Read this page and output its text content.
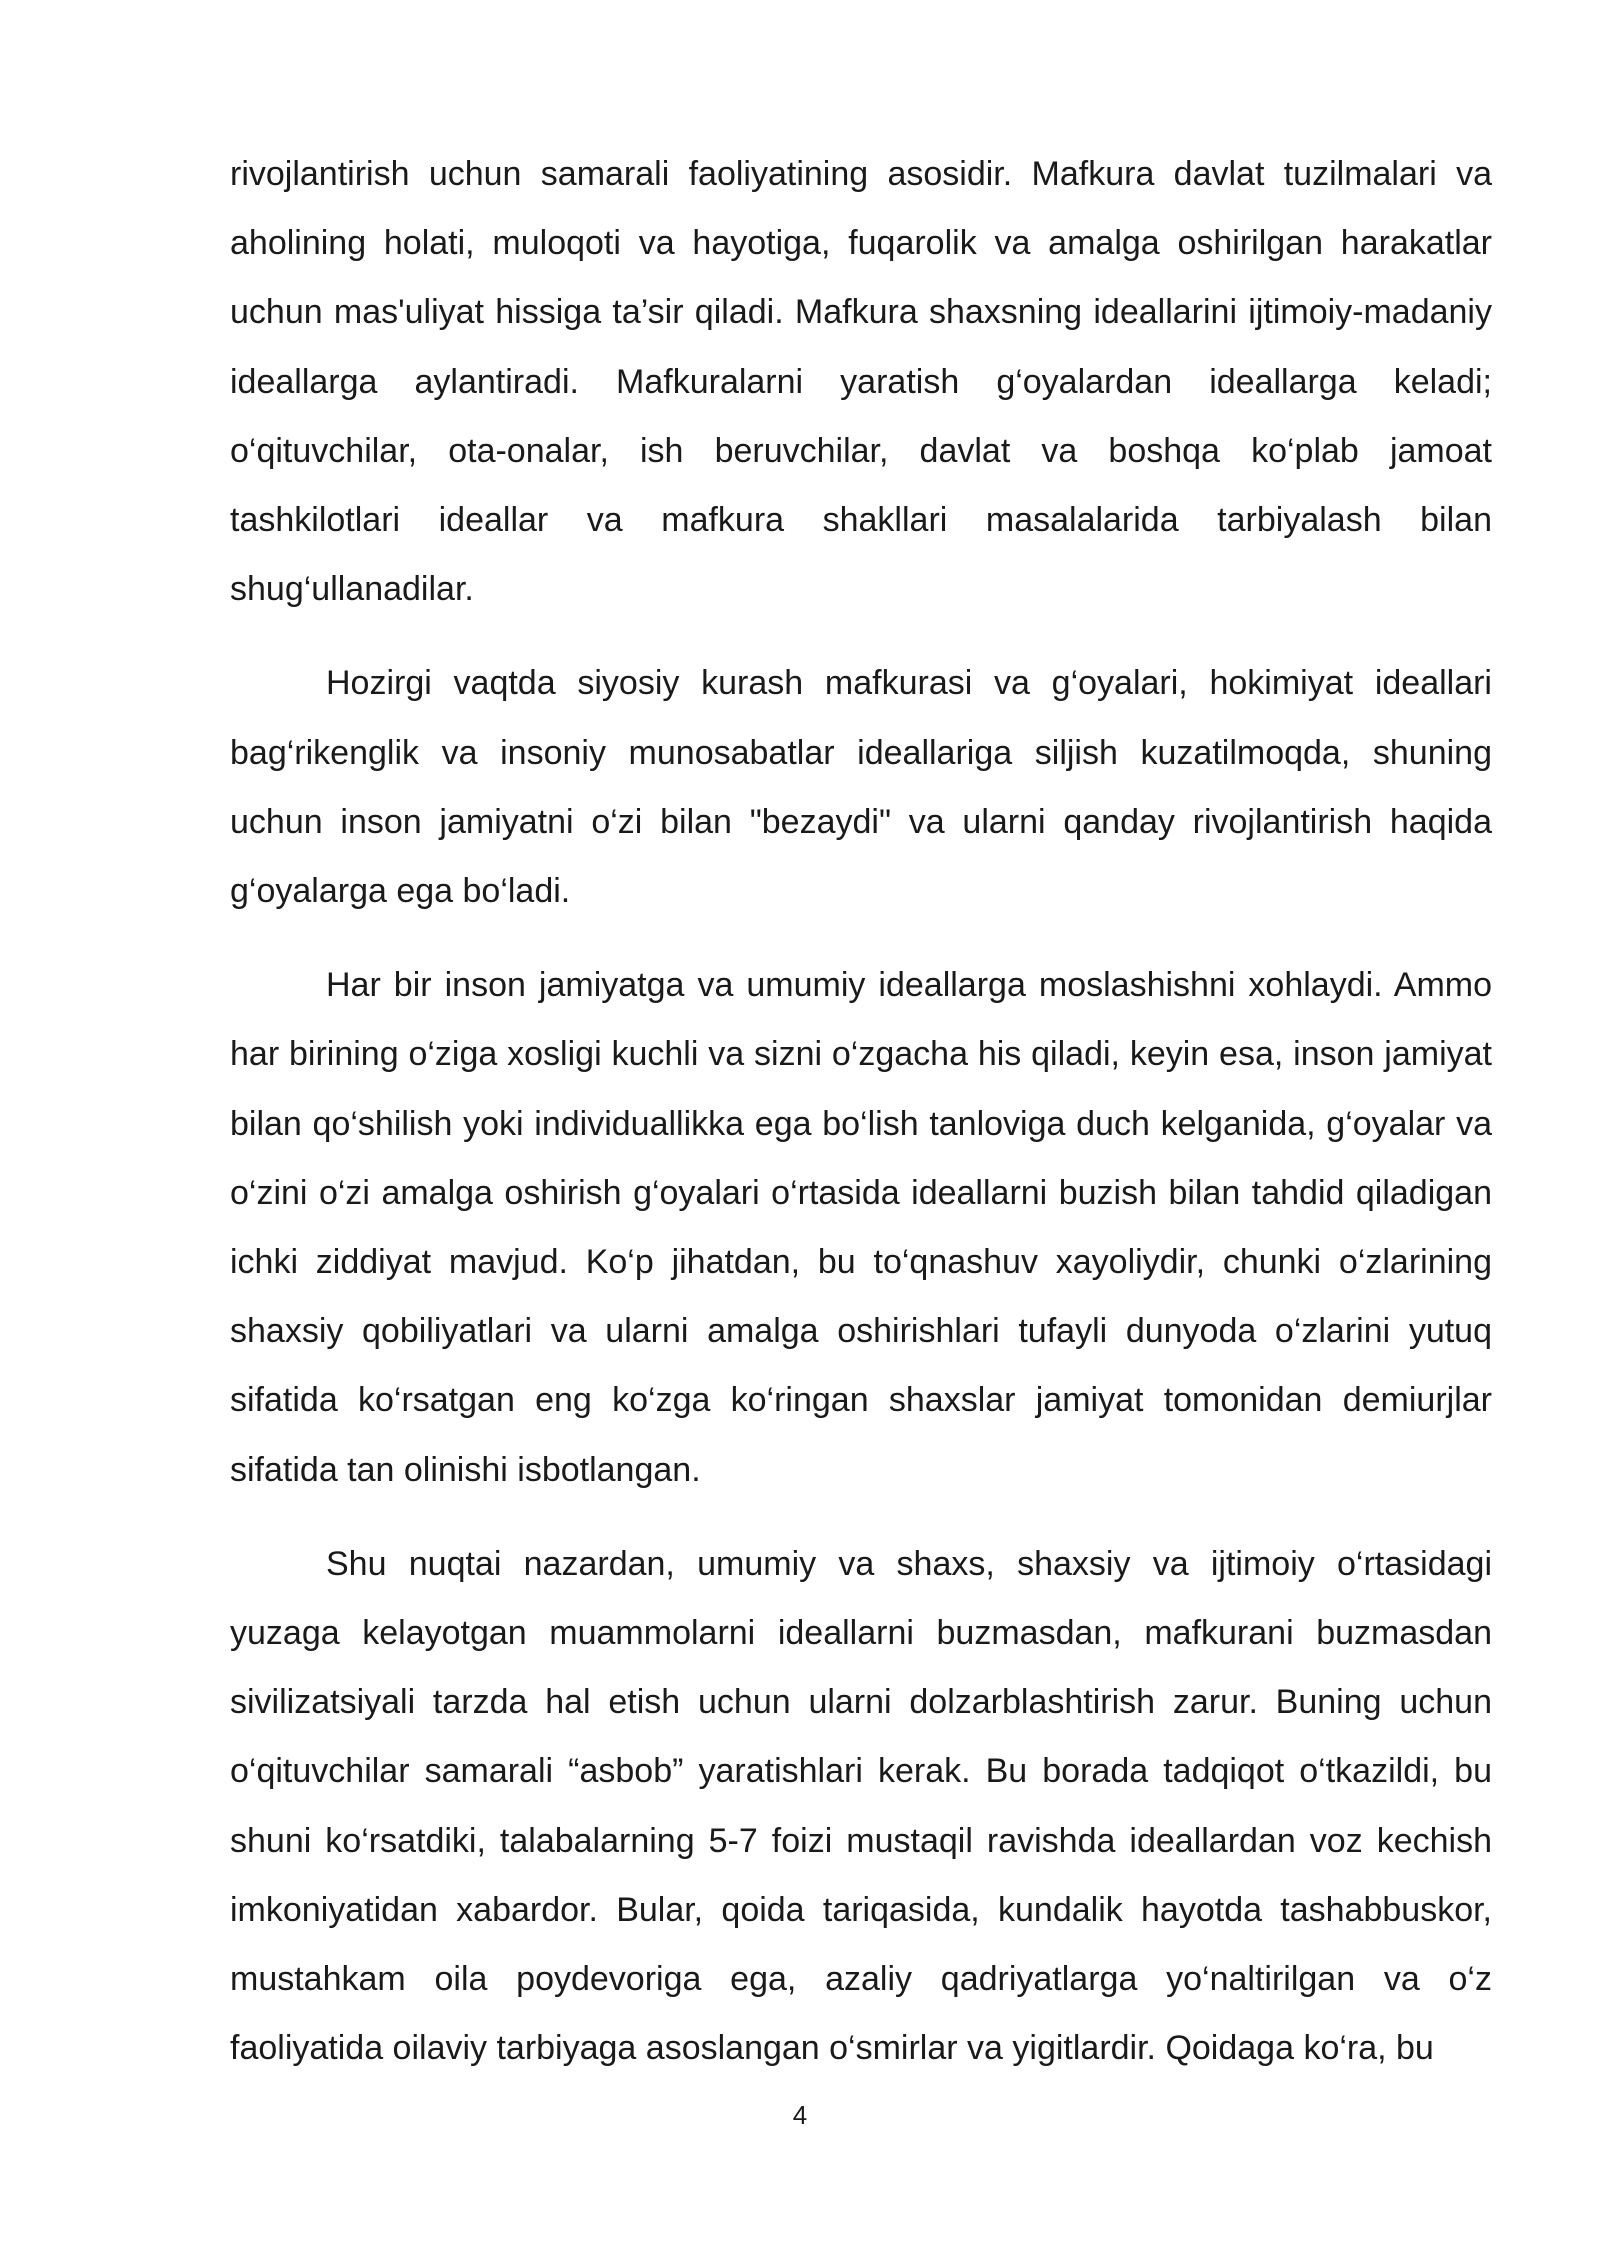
rivojlantirish uchun samarali faoliyatining asosidir. Mafkura davlat tuzilmalari va aholining holati, muloqoti va hayotiga, fuqarolik va amalga oshirilgan harakatlar uchun mas'uliyat hissiga ta’sir qiladi. Mafkura shaxsning ideallarini ijtimoiy-madaniy ideallarga aylantiradi. Mafkuralarni yaratish g‘oyalardan ideallarga keladi; o‘qituvchilar, ota-onalar, ish beruvchilar, davlat va boshqa ko‘plab jamoat tashkilotlari ideallar va mafkura shakllari masalalarida tarbiyalash bilan shug‘ullanadilar.

Hozirgi vaqtda siyosiy kurash mafkurasi va g‘oyalari, hokimiyat ideallari bag‘rikenglik va insoniy munosabatlar ideallariga siljish kuzatilmoqda, shuning uchun inson jamiyatni o‘zi bilan "bezaydi" va ularni qanday rivojlantirish haqida g‘oyalarga ega bo‘ladi.

Har bir inson jamiyatga va umumiy ideallarga moslashishni xohlaydi. Ammo har birining o‘ziga xosligi kuchli va sizni o‘zgacha his qiladi, keyin esa, inson jamiyat bilan qo‘shilish yoki individuallikka ega bo‘lish tanloviga duch kelganida, g‘oyalar va o‘zini o‘zi amalga oshirish g‘oyalari o‘rtasida ideallarni buzish bilan tahdid qiladigan ichki ziddiyat mavjud. Ko‘p jihatdan, bu to‘qnashuv xayoliydir, chunki o‘zlarining shaxsiy qobiliyatlari va ularni amalga oshirishlari tufayli dunyoda o‘zlarini yutuq sifatida ko‘rsatgan eng ko‘zga ko‘ringan shaxslar jamiyat tomonidan demiurjlar sifatida tan olinishi isbotlangan.

Shu nuqtai nazardan, umumiy va shaxs, shaxsiy va ijtimoiy o‘rtasidagi yuzaga kelayotgan muammolarni ideallarni buzmasdan, mafkurani buzmasdan sivilizatsiyali tarzda hal etish uchun ularni dolzarblashtirish zarur. Buning uchun o‘qituvchilar samarali “asbob” yaratishlari kerak. Bu borada tadqiqot o‘tkazildi, bu shuni ko‘rsatdiki, talabalarning 5-7 foizi mustaqil ravishda ideallardan voz kechish imkoniyatidan xabardor. Bular, qoida tariqasida, kundalik hayotda tashabbuskor, mustahkam oila poydevoriga ega, azaliy qadriyatlarga yo‘naltirilgan va o‘z faoliyatida oilaviy tarbiyaga asoslangan o‘smirlar va yigitlardir. Qoidaga ko‘ra, bu

4
